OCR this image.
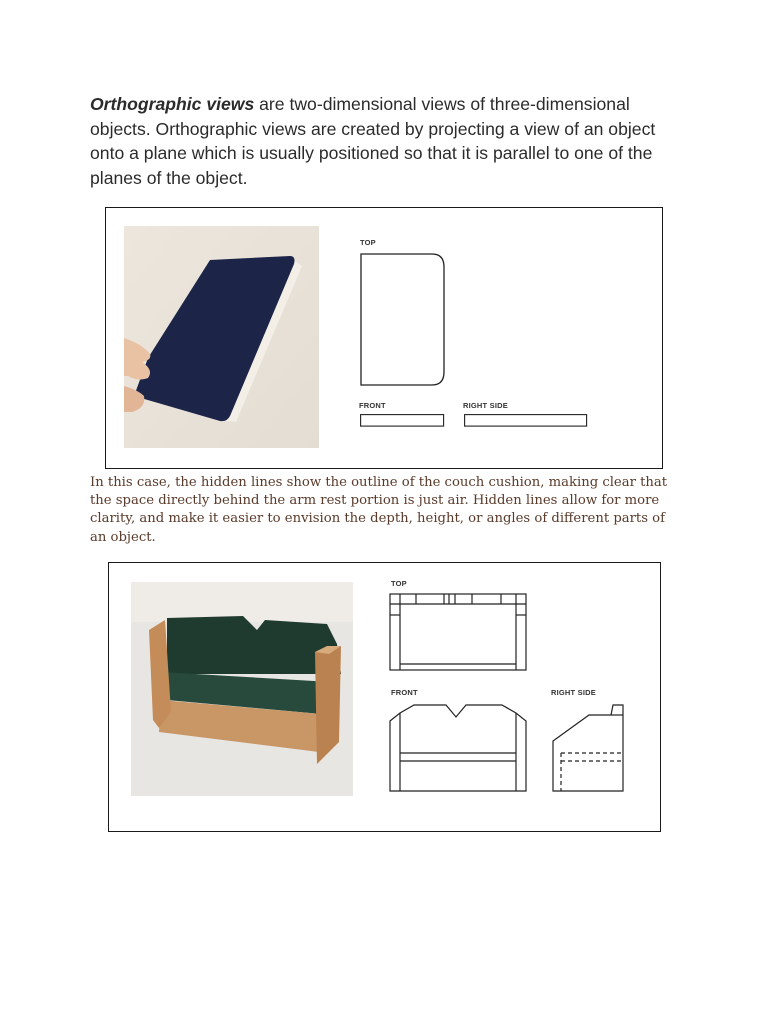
Orthographic views are two-dimensional views of three-dimensional objects. Orthographic views are created by projecting a view of an object onto a plane which is usually positioned so that it is parallel to one of the planes of the object.

TOP
FRONT	RIGHT SIDE

In this case, the hidden lines show the outline of the couch cushion, making clear that the space directly behind the arm rest portion is just air. Hidden lines allow for more clarity, and make it easier to envision the depth, height, or angles of different parts of an object.

TOP
FRONT	RIGHT SIDE
